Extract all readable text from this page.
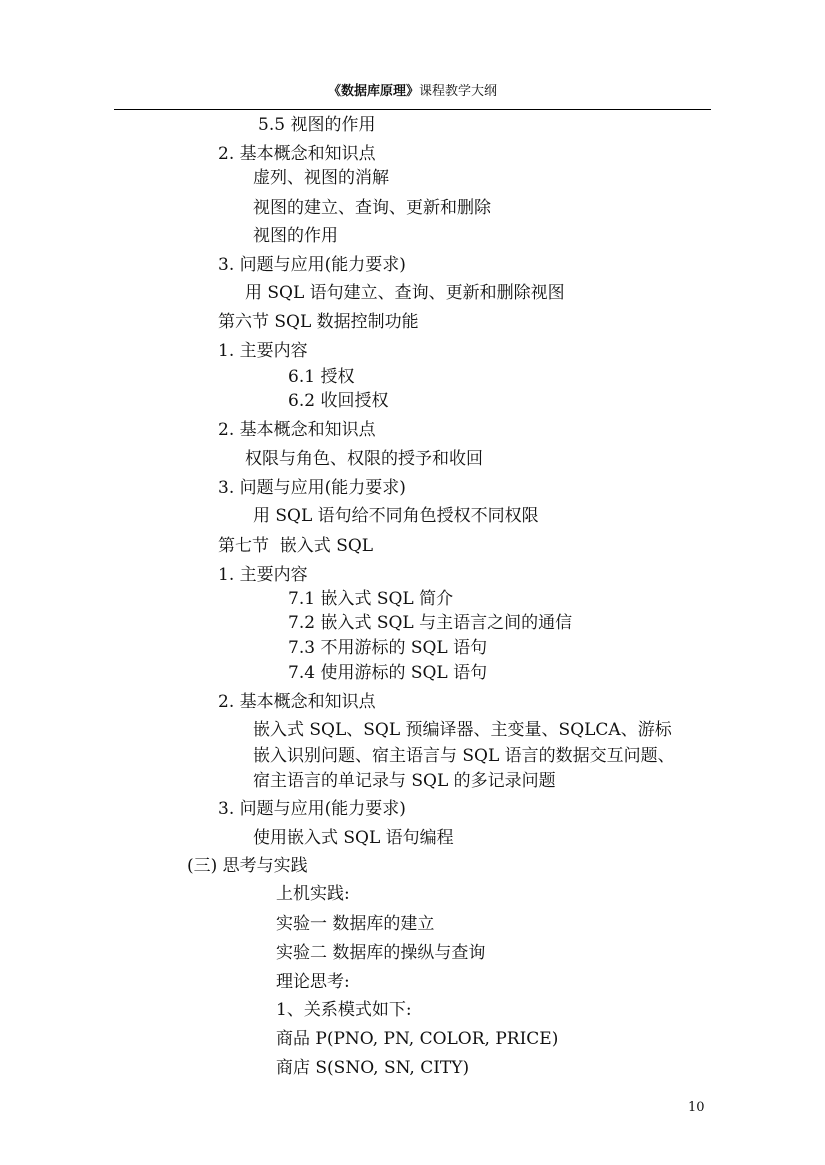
《数据库原理》课程教学大纲
5.5 视图的作用
2. 基本概念和知识点
虚列、视图的消解
视图的建立、查询、更新和删除
视图的作用
3. 问题与应用(能力要求)
用 SQL 语句建立、查询、更新和删除视图
第六节 SQL 数据控制功能
1. 主要内容
6.1 授权
6.2 收回授权
2. 基本概念和知识点
权限与角色、权限的授予和收回
3. 问题与应用(能力要求)
用 SQL 语句给不同角色授权不同权限
第七节  嵌入式 SQL
1. 主要内容
7.1 嵌入式 SQL 简介
7.2 嵌入式 SQL 与主语言之间的通信
7.3 不用游标的 SQL 语句
7.4 使用游标的 SQL 语句
2. 基本概念和知识点
嵌入式 SQL、SQL 预编译器、主变量、SQLCA、游标
嵌入识别问题、宿主语言与 SQL 语言的数据交互问题、
宿主语言的单记录与 SQL 的多记录问题
3. 问题与应用(能力要求)
使用嵌入式 SQL 语句编程
(三) 思考与实践
上机实践:
实验一 数据库的建立
实验二 数据库的操纵与查询
理论思考:
1、关系模式如下:
商品 P(PNO, PN, COLOR, PRICE)
商店 S(SNO, SN, CITY)
10
